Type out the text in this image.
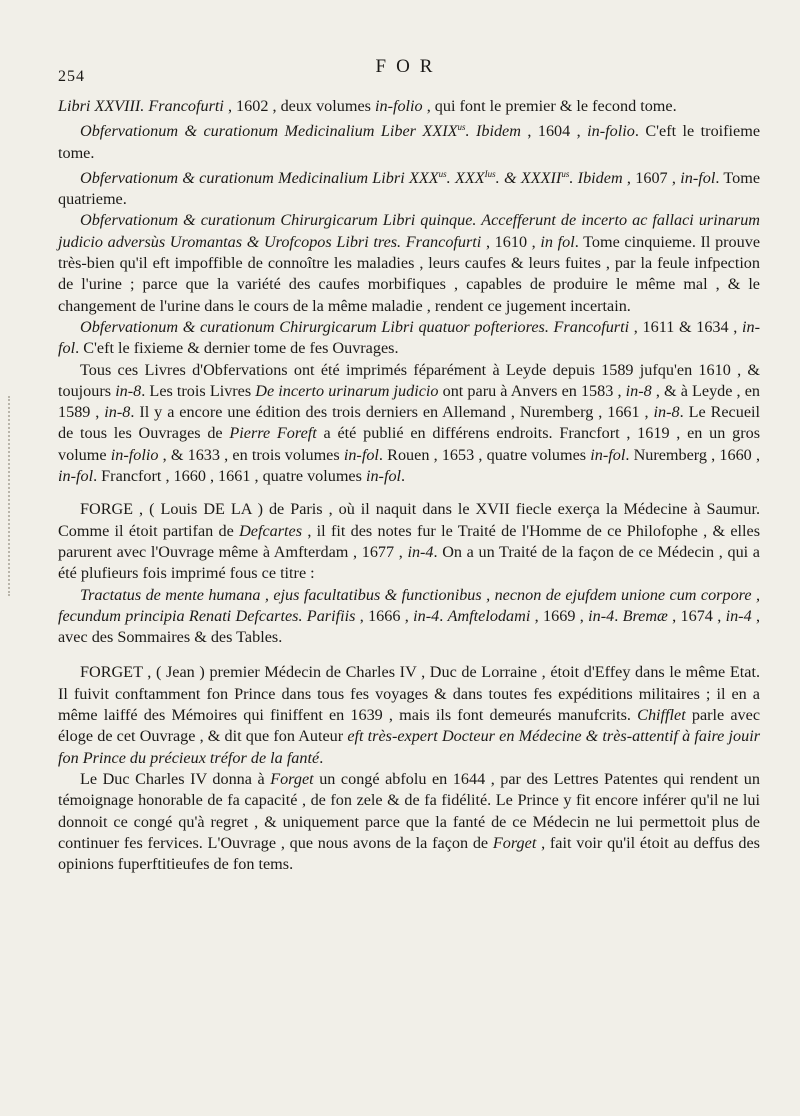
254	FOR

Libri XXVIII. Francofurti , 1602 , deux volumes in-folio , qui font le premier & le fecond tome.

Obfervationum & curationum Medicinalium Liber $XXIX^{us}$. Ibidem , 1604 , in-folio. C'eft le troifieme tome.

Obfervationum & curationum Medicinalium Libri $XXX^{us}$. $XXX^{Ius}$. & $XXXII^{us}$. Ibidem , 1607 , in-fol. Tome quatrieme.

Obfervationum & curationum Chirurgicarum Libri quinque. Accefferunt de incerto ac fallaci urinarum judicio adversùs Uromantas & Urofcopos Libri tres. Francofurti , 1610 , in fol. Tome cinquieme. Il prouve très-bien qu'il eft impoffible de connoître les maladies , leurs caufes & leurs fuites , par la feule infpection de l'urine ; parce que la variété des caufes morbifiques , capables de produire le même mal , & le changement de l'urine dans le cours de la même maladie , rendent ce jugement incertain.

Obfervationum & curationum Chirurgicarum Libri quatuor pofteriores. Francofurti , 1611 & 1634 , in-fol. C'eft le fixieme & dernier tome de fes Ouvrages.

Tous ces Livres d'Obfervations ont été imprimés féparément à Leyde depuis 1589 jufqu'en 1610 , & toujours in-8. Les trois Livres De incerto urinarum judicio ont paru à Anvers en 1583 , in-8 , & à Leyde , en 1589 , in-8. Il y a encore une édition des trois derniers en Allemand , Nuremberg , 1661 , in-8. Le Recueil de tous les Ouvrages de Pierre Foreft a été publié en différens endroits. Francfort , 1619 , en un gros volume in-folio , & 1633 , en trois volumes in-fol. Rouen , 1653 , quatre volumes in-fol. Nuremberg , 1660 , in-fol. Francfort , 1660 , 1661 , quatre volumes in-fol.

FORGE , ( Louis DE LA ) de Paris , où il naquit dans le XVII fiecle exerça la Médecine à Saumur. Comme il étoit partifan de Defcartes , il fit des notes fur le Traité de l'Homme de ce Philofophe , & elles parurent avec l'Ouvrage même à Amfterdam , 1677 , in-4. On a un Traité de la façon de ce Médecin , qui a été plufieurs fois imprimé fous ce titre :

Tractatus de mente humana , ejus facultatibus & functionibus , necnon de ejufdem unione cum corpore , fecundum principia Renati Defcartes. Parifiis , 1666 , in-4. Amftelodami , 1669 , in-4. Bremæ , 1674 , in-4 , avec des Sommaires & des Tables.

FORGET , ( Jean ) premier Médecin de Charles IV , Duc de Lorraine , étoit d'Effey dans le même Etat. Il fuivit conftamment fon Prince dans tous fes voyages & dans toutes fes expéditions militaires ; il en a même laiffé des Mémoires qui finiffent en 1639 , mais ils font demeurés manufcrits. Chifflet parle avec éloge de cet Ouvrage , & dit que fon Auteur eft très-expert Docteur en Médecine & très-attentif à faire jouir fon Prince du précieux tréfor de la fanté.

Le Duc Charles IV donna à Forget un congé abfolu en 1644 , par des Lettres Patentes qui rendent un témoignage honorable de fa capacité , de fon zele & de fa fidélité. Le Prince y fit encore inférer qu'il ne lui donnoit ce congé qu'à regret , & uniquement parce que la fanté de ce Médecin ne lui permettoit plus de continuer fes fervices. L'Ouvrage , que nous avons de la façon de Forget , fait voir qu'il étoit au deffus des opinions fuperftitieufes de fon tems.
